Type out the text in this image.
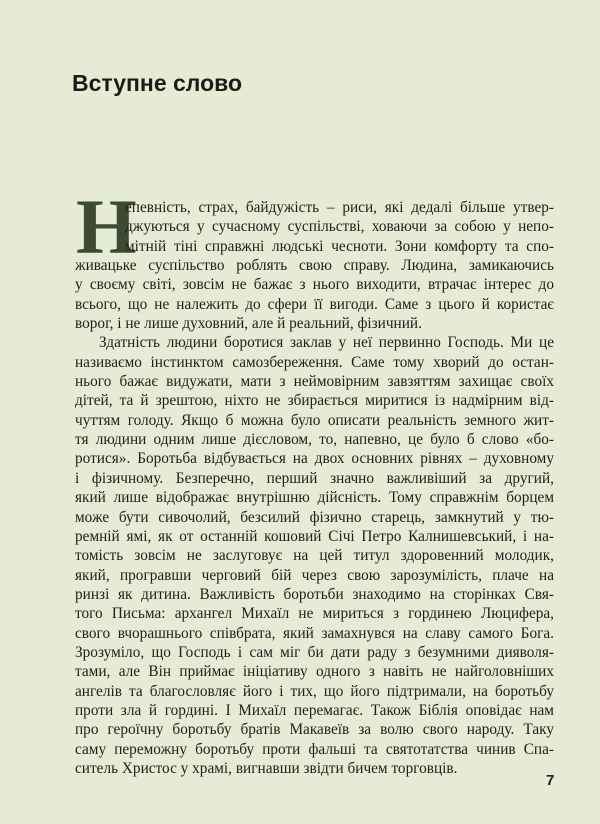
Вступне слово
Н
епевність, страх, байдужість – риси, які дедалі більше утвер-
джуються у сучасному суспільстві, ховаючи за собою у непо-
мітній тіні справжні людські чесноти. Зони комфорту та спо-
живацьке суспільство роблять свою справу. Людина, замикаючись
у своєму світі, зовсім не бажає з нього виходити, втрачає інтерес до
всього, що не належить до сфери її вигоди. Саме з цього й користає
ворог, і не лише духовний, але й реальний, фізичний.
Здатність людини боротися заклав у неї первинно Господь. Ми це
називаємо інстинктом самозбереження. Саме тому хворий до остан-
нього бажає видужати, мати з неймовірним завзяттям захищає своїх
дітей, та й зрештою, ніхто не збирається миритися із надмірним від-
чуттям голоду. Якщо б можна було описати реальність земного жит-
тя людини одним лише дієсловом, то, напевно, це було б слово «бо-
ротися». Боротьба відбувається на двох основних рівнях – духовному
і фізичному. Безперечно, перший значно важливіший за другий,
який лише відображає внутрішню дійсність. Тому справжнім борцем
може бути сивочолий, безсилий фізично старець, замкнутий у тю-
ремній ямі, як от останній кошовий Січі Петро Калнишевський, і на-
томість зовсім не заслуговує на цей титул здоровенний молодик,
який, програвши черговий бій через свою зарозумілість, плаче на
ринзі як дитина. Важливість боротьби знаходимо на сторінках Свя-
того Письма: архангел Михаїл не мириться з гординею Люцифера,
свого вчорашнього співбрата, який замахнувся на славу самого Бога.
Зрозуміло, що Господь і сам міг би дати раду з безумними дияволя-
тами, але Він приймає ініціативу одного з навіть не найголовніших
ангелів та благословляє його і тих, що його підтримали, на боротьбу
проти зла й гордині. І Михаїл перемагає. Також Біблія оповідає нам
про героїчну боротьбу братів Макавеїв за волю свого народу. Таку
саму переможну боротьбу проти фальші та святотатства чинив Спа-
ситель Христос у храмі, вигнавши звідти бичем торговців.
7
